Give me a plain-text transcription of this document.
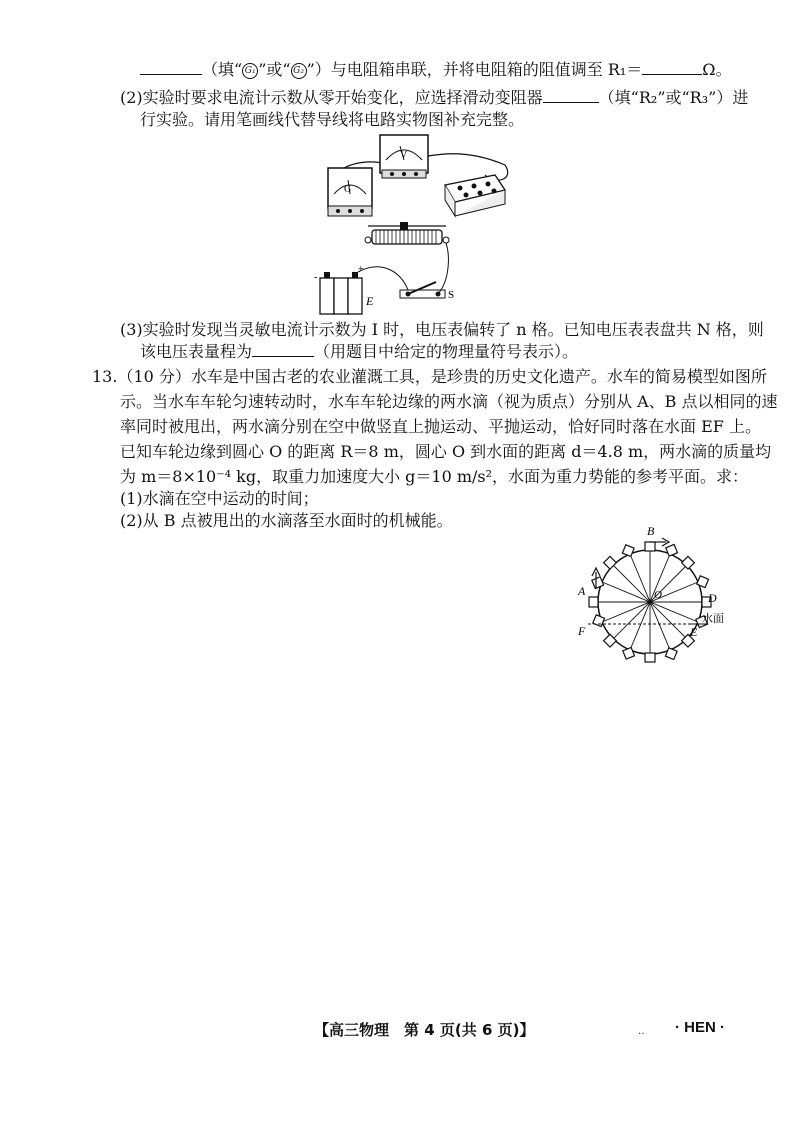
（填“ G₁ ”或“ G₂ ”）与电阻箱串联，并将电阻箱的阻值调至 R₁＝	Ω。
(2)实验时要求电流计示数从零开始变化，应选择滑动变阻器	（填“R₂”或“R₃”）进
行实验。请用笔画线代替导线将电路实物图补充完整。
V
G
-
+
E	S
(3)实验时发现当灵敏电流计示数为 I 时，电压表偏转了 n 格。已知电压表表盘共 N 格，则
该电压表量程为	（用题目中给定的物理量符号表示）。
13.（10 分）水车是中国古老的农业灌溉工具，是珍贵的历史文化遗产。水车的简易模型如图所
示。当水车车轮匀速转动时，水车车轮边缘的两水滴（视为质点）分别从 A、B 点以相同的速
率同时被甩出，两水滴分别在空中做竖直上抛运动、平抛运动，恰好同时落在水面 EF 上。
已知车轮边缘到圆心 O 的距离 R＝8 m，圆心 O 到水面的距离 d＝4.8 m，两水滴的质量均
为 m＝8×10⁻⁴ kg，取重力加速度大小 g＝10 m/s²，水面为重力势能的参考平面。求：
(1)水滴在空中运动的时间；
(2)从 B 点被甩出的水滴落至水面时的机械能。
B
A	O	D
F	E
水面
【高三物理　第 4 页(共 6 页)】	· HEN ·
‥
